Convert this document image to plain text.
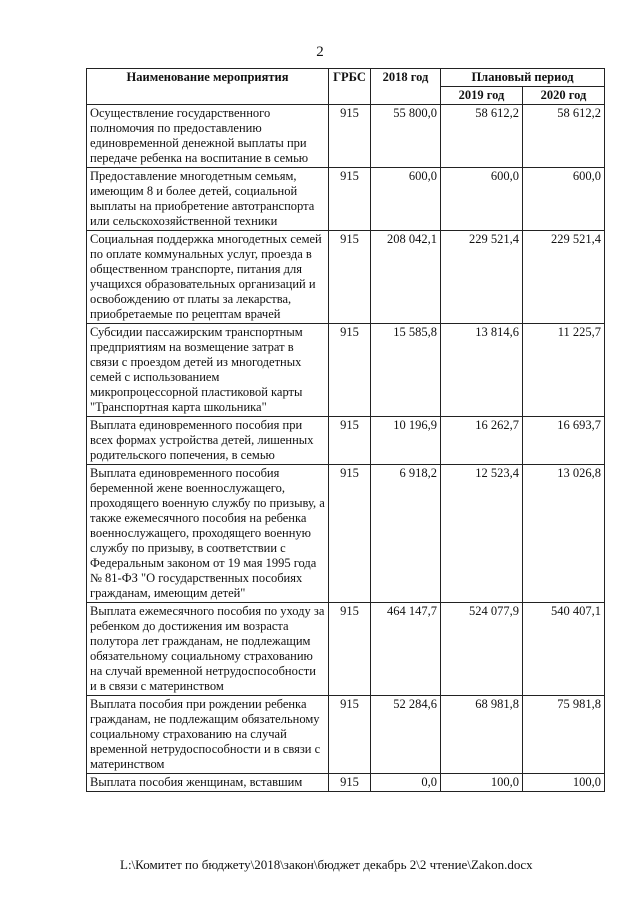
2
Наименование мероприятия	ГРБС	2018 год	Плановый период	
			2019 год	2020 год
Осуществление государственного полномочия по предоставлению единовременной денежной выплаты при передаче ребенка на воспитание в семью	915	55 800,0	58 612,2	58 612,2
Предоставление многодетным семьям, имеющим 8 и более детей, социальной выплаты на приобретение автотранспорта или сельскохозяйственной техники	915	600,0	600,0	600,0
Социальная поддержка многодетных семей по оплате коммунальных услуг, проезда в общественном транспорте, питания для учащихся образовательных организаций и освобождению от платы за лекарства, приобретаемые по рецептам врачей	915	208 042,1	229 521,4	229 521,4
Субсидии пассажирским транспортным предприятиям на возмещение затрат в связи с проездом детей из многодетных семей с использованием микропроцессорной пластиковой карты "Транспортная карта школьника"	915	15 585,8	13 814,6	11 225,7
Выплата единовременного пособия при всех формах устройства детей, лишенных родительского попечения, в семью	915	10 196,9	16 262,7	16 693,7
Выплата единовременного пособия беременной жене военнослужащего, проходящего военную службу по призыву, а также ежемесячного пособия на ребенка военнослужащего, проходящего военную службу по призыву, в соответствии с Федеральным законом от 19 мая 1995 года № 81-ФЗ "О государственных пособиях гражданам, имеющим детей"	915	6 918,2	12 523,4	13 026,8
Выплата ежемесячного пособия по уходу за ребенком до достижения им возраста полутора лет гражданам, не подлежащим обязательному социальному страхованию на случай временной нетрудоспособности и в связи с материнством	915	464 147,7	524 077,9	540 407,1
Выплата пособия при рождении ребенка гражданам, не подлежащим обязательному социальному страхованию на случай временной нетрудоспособности и в связи с материнством	915	52 284,6	68 981,8	75 981,8
Выплата пособия женщинам, вставшим	915	0,0	100,0	100,0
L:\Комитет по бюджету\2018\закон\бюджет декабрь 2\2 чтение\Zakon.docx
